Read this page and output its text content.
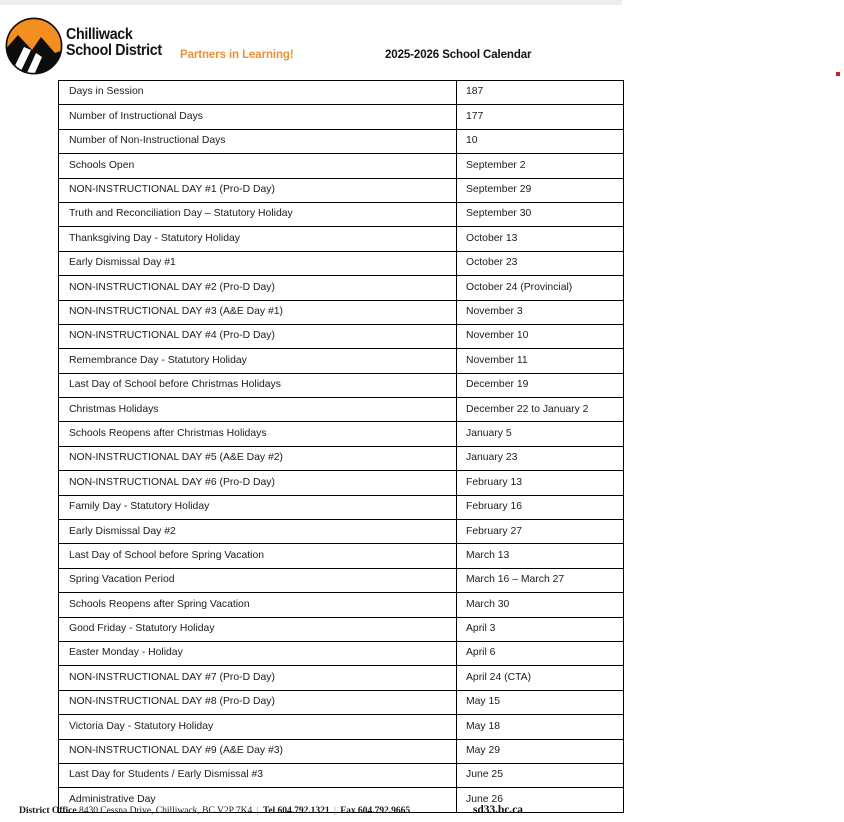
Chilliwack
School District	Partners in Learning!	2025-2026 School Calendar
Days in Session	187
Number of Instructional Days	177
Number of Non-Instructional Days	10
Schools Open	September 2
NON-INSTRUCTIONAL DAY #1 (Pro-D Day)	September 29
Truth and Reconciliation Day – Statutory Holiday	September 30
Thanksgiving Day - Statutory Holiday	October 13
Early Dismissal Day #1	October 23
NON-INSTRUCTIONAL DAY #2 (Pro-D Day)	October 24 (Provincial)
NON-INSTRUCTIONAL DAY #3 (A&E Day #1)	November 3
NON-INSTRUCTIONAL DAY #4 (Pro-D Day)	November 10
Remembrance Day - Statutory Holiday	November 11
Last Day of School before Christmas Holidays	December 19
Christmas Holidays	December 22 to January 2
Schools Reopens after Christmas Holidays	January 5
NON-INSTRUCTIONAL DAY #5 (A&E Day #2)	January 23
NON-INSTRUCTIONAL DAY #6 (Pro-D Day)	February 13
Family Day - Statutory Holiday	February 16
Early Dismissal Day #2	February 27
Last Day of School before Spring Vacation	March 13
Spring Vacation Period	March 16 – March 27
Schools Reopens after Spring Vacation	March 30
Good Friday - Statutory Holiday	April 3
Easter Monday - Holiday	April 6
NON-INSTRUCTIONAL DAY #7 (Pro-D Day)	April 24 (CTA)
NON-INSTRUCTIONAL DAY #8 (Pro-D Day)	May 15
Victoria Day - Statutory Holiday	May 18
NON-INSTRUCTIONAL DAY #9 (A&E Day #3)	May 29
Last Day for Students / Early Dismissal #3	June 25
Administrative Day	June 26
District Office 8430 Cessna Drive, Chilliwack, BC V2P 7K4 | Tel 604.792.1321 | Fax 604.792.9665	sd33.bc.ca
